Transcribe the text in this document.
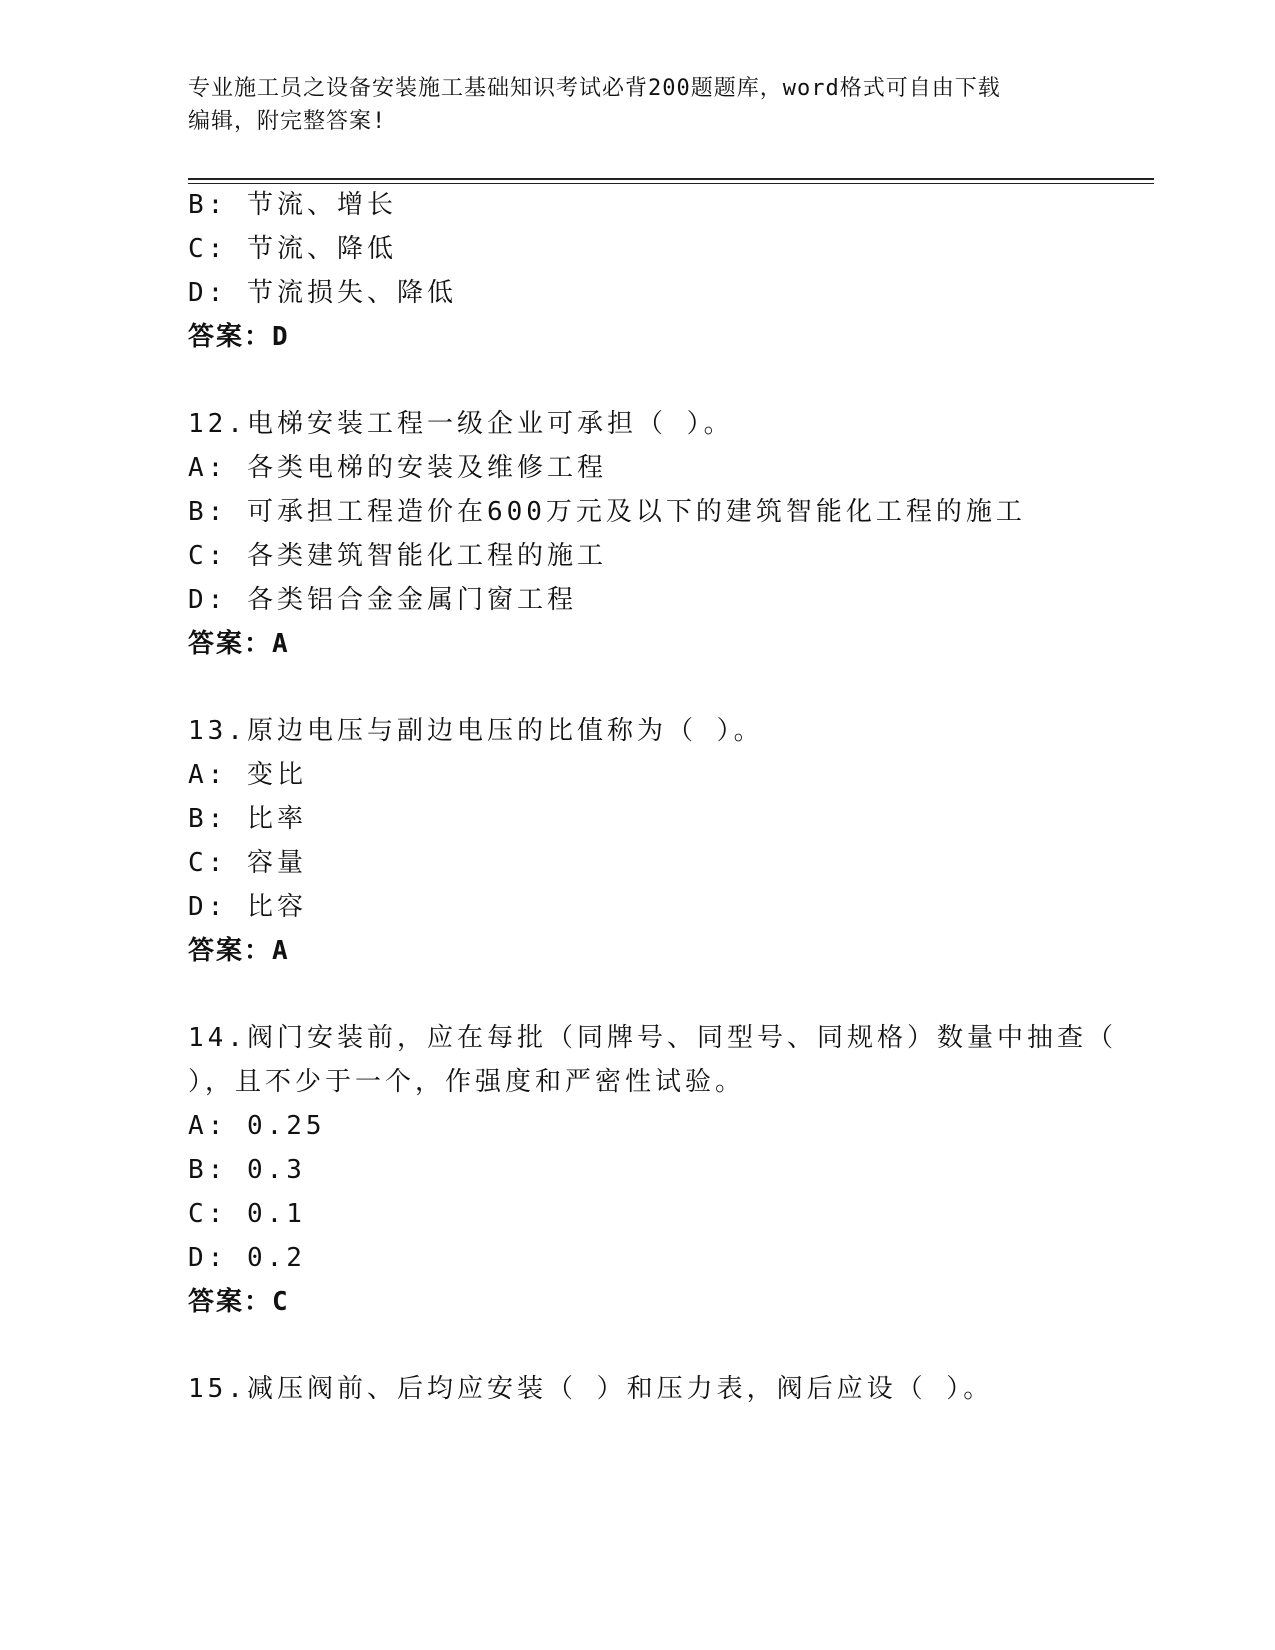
专业施工员之设备安装施工基础知识考试必背200题题库，word格式可自由下载
编辑，附完整答案!
B: 节流、增长
C: 节流、降低
D: 节流损失、降低
答案：D
12.电梯安装工程一级企业可承担（ ）。
A: 各类电梯的安装及维修工程
B: 可承担工程造价在600万元及以下的建筑智能化工程的施工
C: 各类建筑智能化工程的施工
D: 各类铝合金金属门窗工程
答案：A
13.原边电压与副边电压的比值称为（ ）。
A: 变比
B: 比率
C: 容量
D: 比容
答案：A
14.阀门安装前，应在每批（同牌号、同型号、同规格）数量中抽查（
），且不少于一个，作强度和严密性试验。
A: 0.25
B: 0.3
C: 0.1
D: 0.2
答案：C
15.减压阀前、后均应安装（ ）和压力表，阀后应设（ ）。
